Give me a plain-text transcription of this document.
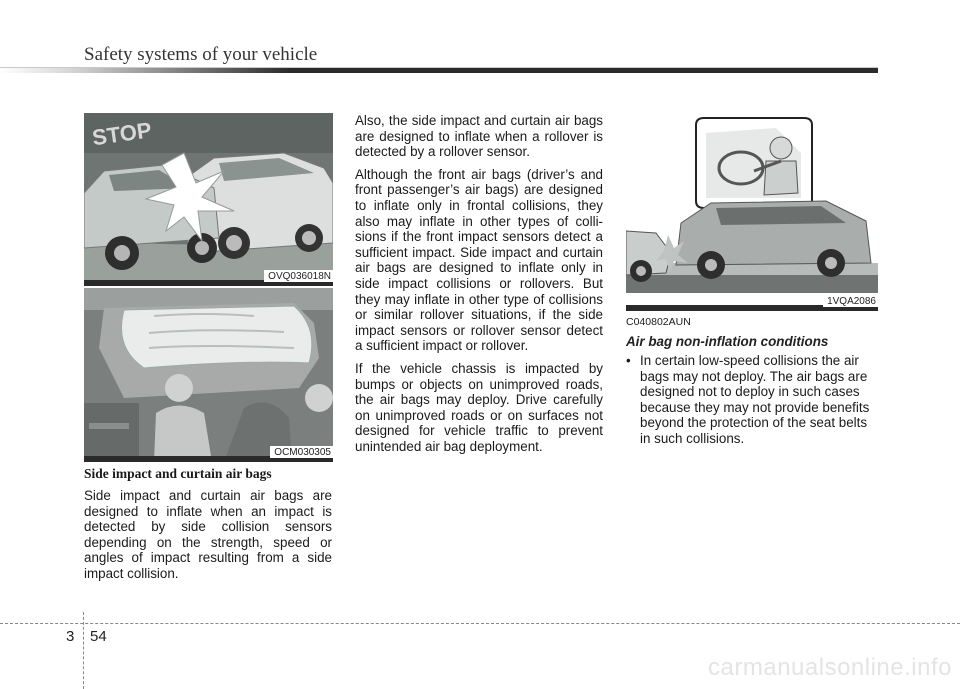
Safety systems of your vehicle
STOP
OVQ036018N
OCM030305
1VQA2086

Side impact and curtain air bags

Side impact and curtain air bags are designed to inflate when an impact is detected by side collision sensors depending on the strength, speed or angles of impact resulting from a side impact collision.

Also, the side impact and curtain air bags are designed to inflate when a rollover is detected by a rollover sensor.

Although the front air bags (driver’s and front passenger’s air bags) are designed to inflate only in frontal collisions, they also may inflate in other types of colli-sions if the front impact sensors detect a sufficient impact. Side impact and curtain air bags are designed to inflate only in side impact collisions or rollovers. But they may inflate in other type of collisions or similar rollover situations, if the side impact sensors or rollover sensor detect a sufficient impact or rollover.

If the vehicle chassis is impacted by bumps or objects on unimproved roads, the air bags may deploy. Drive carefully on unimproved roads or on surfaces not designed for vehicle traffic to prevent unintended air bag deployment.

C040802AUN

Air bag non-inflation conditions

• In certain low-speed collisions the air bags may not deploy. The air bags are designed not to deploy in such cases because they may not provide benefits beyond the protection of the seat belts in such collisions.
3 54
carmanualsonline.info
